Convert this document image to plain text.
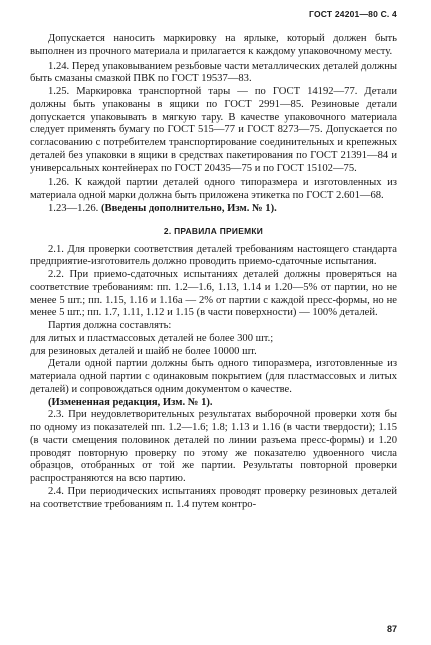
ГОСТ 24201—80 С. 4

Допускается наносить маркировку на ярлыке, который должен быть выполнен из прочного материала и прилагается к каждому упаковочному месту.

1.24. Перед упаковыванием резьбовые части металлических деталей должны быть смазаны смазкой ПВК по ГОСТ 19537—83.

1.25. Маркировка транспортной тары — по ГОСТ 14192—77. Детали должны быть упакованы в ящики по ГОСТ 2991—85. Резиновые детали допускается упаковывать в мягкую тару. В качестве упаковочного материала следует применять бумагу по ГОСТ 515—77 и ГОСТ 8273—75. Допускается по согласованию с потребителем транспортирование соединительных и крепежных деталей без упаковки в ящики в средствах пакетирования по ГОСТ 21391—84 и универсальных контейнерах по ГОСТ 20435—75 и по ГОСТ 15102—75.

1.26. К каждой партии деталей одного типоразмера и изготовленных из материала одной марки должна быть приложена этикетка по ГОСТ 2.601—68.

1.23—1.26. (Введены дополнительно, Изм. № 1).

2. ПРАВИЛА ПРИЕМКИ

2.1. Для проверки соответствия деталей требованиям настоящего стандарта предприятие-изготовитель должно проводить приемо-сдаточные испытания.

2.2. При приемо-сдаточных испытаниях деталей должны проверяться на соответствие требованиям: пп. 1.2—1.6, 1.13, 1.14 и 1.20—5% от партии, но не менее 5 шт.; пп. 1.15, 1.16 и 1.16а — 2% от партии с каждой пресс-формы, но не менее 5 шт.; пп. 1.7, 1.11, 1.12 и 1.15 (в части поверхности) — 100% деталей.

Партия должна составлять:

для литых и пластмассовых деталей не более 300 шт.;

для резиновых деталей и шайб не более 10000 шт.

Детали одной партии должны быть одного типоразмера, изготовленные из материала одной партии с одинаковым покрытием (для пластмассовых и литых деталей) и сопровождаться одним документом о качестве.

(Измененная редакция, Изм. № 1).

2.3. При неудовлетворительных результатах выборочной проверки хотя бы по одному из показателей пп. 1.2—1.6; 1.8; 1.13 и 1.16 (в части твердости); 1.15 (в части смещения половинок деталей по линии разъема пресс-формы) и 1.20 проводят повторную проверку по этому же показателю удвоенного числа образцов, отобранных от той же партии. Результаты повторной проверки распространяются на всю партию.

2.4. При периодических испытаниях проводят проверку резиновых деталей на соответствие требованиям п. 1.4 путем контро-

87
